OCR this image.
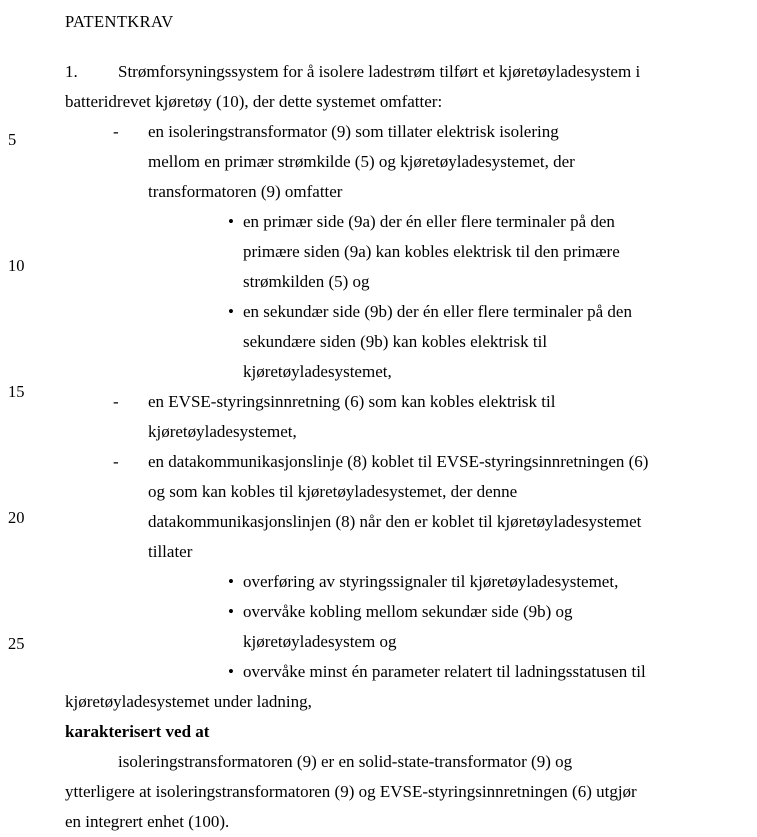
5
10
15
20
25
PATENTKRAV
1. Strømforsyningssystem for å isolere ladestrøm tilført et kjøretøyladesystem i
batteridrevet kjøretøy (10), der dette systemet omfatter:
- en isoleringstransformator (9) som tillater elektrisk isolering
mellom en primær strømkilde (5) og kjøretøyladesystemet, der
transformatoren (9) omfatter
• en primær side (9a) der én eller flere terminaler på den
primære siden (9a) kan kobles elektrisk til den primære
strømkilden (5) og
• en sekundær side (9b) der én eller flere terminaler på den
sekundære siden (9b) kan kobles elektrisk til
kjøretøyladesystemet,
- en EVSE-styringsinnretning (6) som kan kobles elektrisk til
kjøretøyladesystemet,
- en datakommunikasjonslinje (8) koblet til EVSE-styringsinnretningen (6)
og som kan kobles til kjøretøyladesystemet, der denne
datakommunikasjonslinjen (8) når den er koblet til kjøretøyladesystemet
tillater
• overføring av styringssignaler til kjøretøyladesystemet,
• overvåke kobling mellom sekundær side (9b) og
kjøretøyladesystem og
• overvåke minst én parameter relatert til ladningsstatusen til
kjøretøyladesystemet under ladning,
karakterisert ved at
isoleringstransformatoren (9) er en solid-state-transformator (9) og
ytterligere at isoleringstransformatoren (9) og EVSE-styringsinnretningen (6) utgjør
en integrert enhet (100).
